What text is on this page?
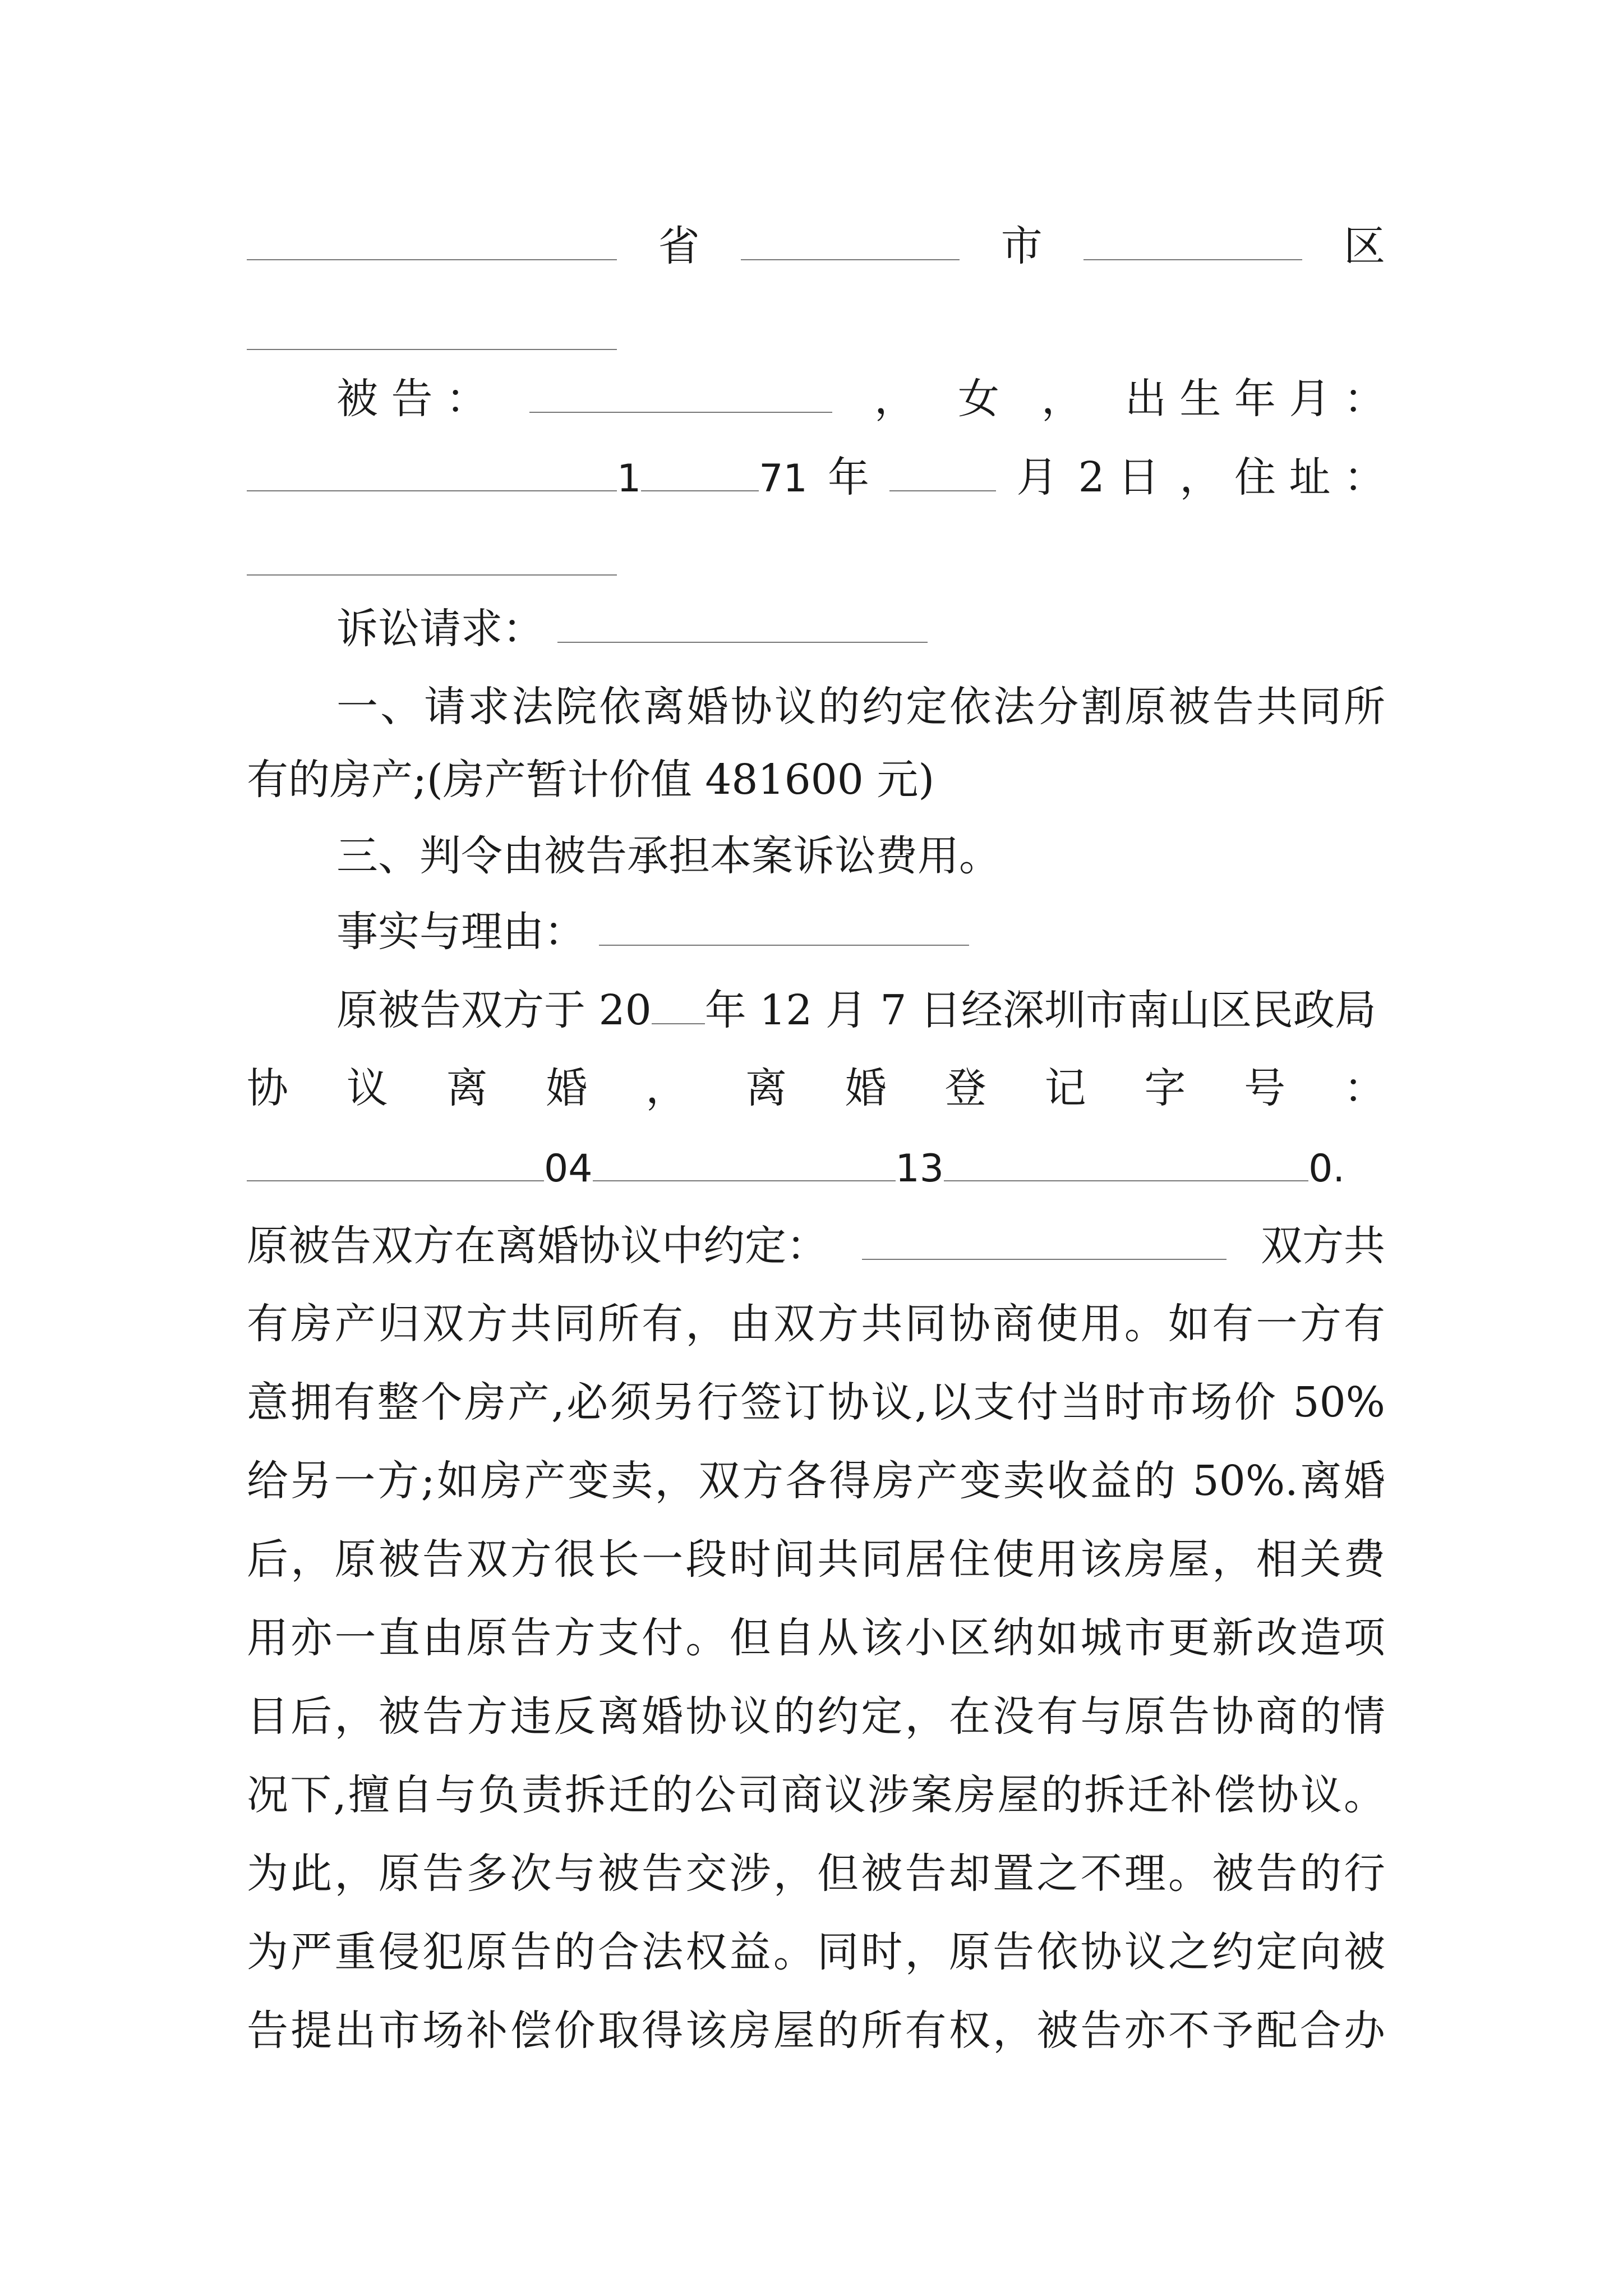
省	市	区
被 告 ：	， 女 ， 出 生 年 月 ：
1	71 年	月 2 日 ， 住 址 ：
诉讼请求：
一、请求法院依离婚协议的约定依法分割原被告共同所
有的房产;(房产暂计价值 481600 元)
三、判令由被告承担本案诉讼费用。
事实与理由：
原被告双方于 20 年 12 月 7 日经深圳市南山区民政局
协 议 离 婚 ， 离 婚 登 记 字 号 ：
04	13	0.
原被告双方在离婚协议中约定：	双方共
有房产归双方共同所有，由双方共同协商使用。如有一方有
意拥有整个房产,必须另行签订协议,以支付当时市场价 50%
给另一方;如房产变卖，双方各得房产变卖收益的 50%.离婚
后，原被告双方很长一段时间共同居住使用该房屋，相关费
用亦一直由原告方支付。但自从该小区纳如城市更新改造项
目后，被告方违反离婚协议的约定，在没有与原告协商的情
况下,擅自与负责拆迁的公司商议涉案房屋的拆迁补偿协议。
为此，原告多次与被告交涉，但被告却置之不理。被告的行
为严重侵犯原告的合法权益。同时，原告依协议之约定向被
告提出市场补偿价取得该房屋的所有权，被告亦不予配合办
